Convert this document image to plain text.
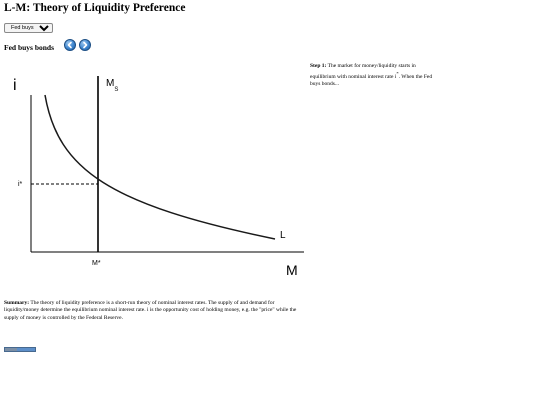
L-M: Theory of Liquidity Preference
Fed buys bonds
Fed buys bonds
i
M
$M_S$
L
i*
M*
Step 1: The market for money/liquidity starts in equilibrium with nominal interest rate i*. When the Fed buys bonds...
Summary: The theory of liquidity preference is a short-run theory of nominal interest rates. The supply of and demand for liquidity/money determine the equilibrium nominal interest rate. i is the opportunity cost of holding money, e.g. the "price" while the supply of money is controlled by the Federal Reserve.
